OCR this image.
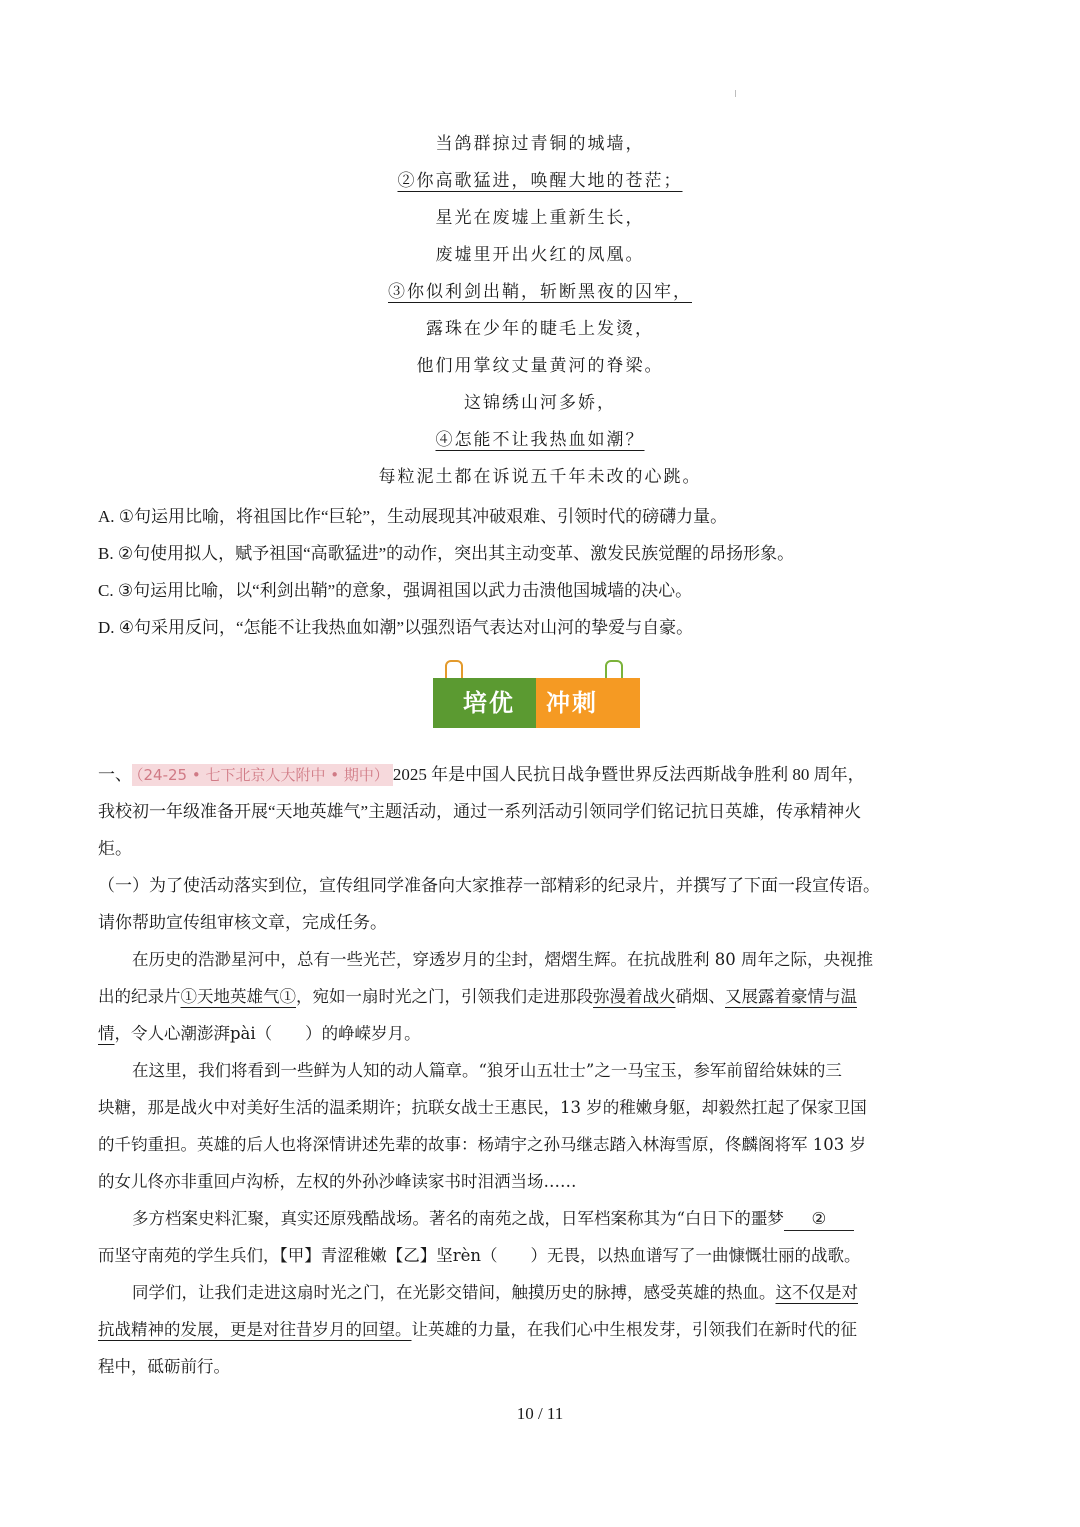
当鸽群掠过青铜的城墙，
②你高歌猛进，唤醒大地的苍茫；
星光在废墟上重新生长，
废墟里开出火红的凤凰。
③你似利剑出鞘，斩断黑夜的囚牢，
露珠在少年的睫毛上发烫，
他们用掌纹丈量黄河的脊梁。
这锦绣山河多娇，
④怎能不让我热血如潮？
每粒泥土都在诉说五千年未改的心跳。
A. ①句运用比喻，将祖国比作“巨轮”，生动展现其冲破艰难、引领时代的磅礴力量。
B. ②句使用拟人，赋予祖国“高歌猛进”的动作，突出其主动变革、激发民族觉醒的昂扬形象。
C. ③句运用比喻，以“利剑出鞘”的意象，强调祖国以武力击溃他国城墙的决心。
D. ④句采用反问，“怎能不让我热血如潮”以强烈语气表达对山河的挚爱与自豪。
培优 冲刺
一、 （24-25 • 七下北京人大附中 • 期中） 2025 年是中国人民抗日战争暨世界反法西斯战争胜利 80 周年，
我校初一年级准备开展“天地英雄气”主题活动，通过一系列活动引领同学们铭记抗日英雄，传承精神火
炬。
（一）为了使活动落实到位，宣传组同学准备向大家推荐一部精彩的纪录片，并撰写了下面一段宣传语。
请你帮助宣传组审核文章，完成任务。
在历史的浩渺星河中，总有一些光芒，穿透岁月的尘封，熠熠生辉。在抗战胜利 80 周年之际，央视推
出的纪录片①天地英雄气①，宛如一扇时光之门，引领我们走进那段弥漫着战火硝烟、又展露着豪情与温
情，令人心潮澎湃pài（　　）的峥嵘岁月。
在这里，我们将看到一些鲜为人知的动人篇章。“狼牙山五壮士”之一马宝玉，参军前留给妹妹的三
块糖，那是战火中对美好生活的温柔期许；抗联女战士王惠民，13 岁的稚嫩身躯，却毅然扛起了保家卫国
的千钧重担。英雄的后人也将深情讲述先辈的故事：杨靖宇之孙马继志踏入林海雪原，佟麟阁将军 103 岁
的女儿佟亦非重回卢沟桥，左权的外孙沙峰读家书时泪洒当场……
多方档案史料汇聚，真实还原残酷战场。著名的南苑之战，日军档案称其为“白日下的噩梦 ②
而坚守南苑的学生兵们，【甲】青涩稚嫩【乙】坚rèn（　　）无畏，以热血谱写了一曲慷慨壮丽的战歌。
同学们，让我们走进这扇时光之门，在光影交错间，触摸历史的脉搏，感受英雄的热血。这不仅是对
抗战精神的发展，更是对往昔岁月的回望。让英雄的力量，在我们心中生根发芽，引领我们在新时代的征
程中，砥砺前行。
10 / 11
